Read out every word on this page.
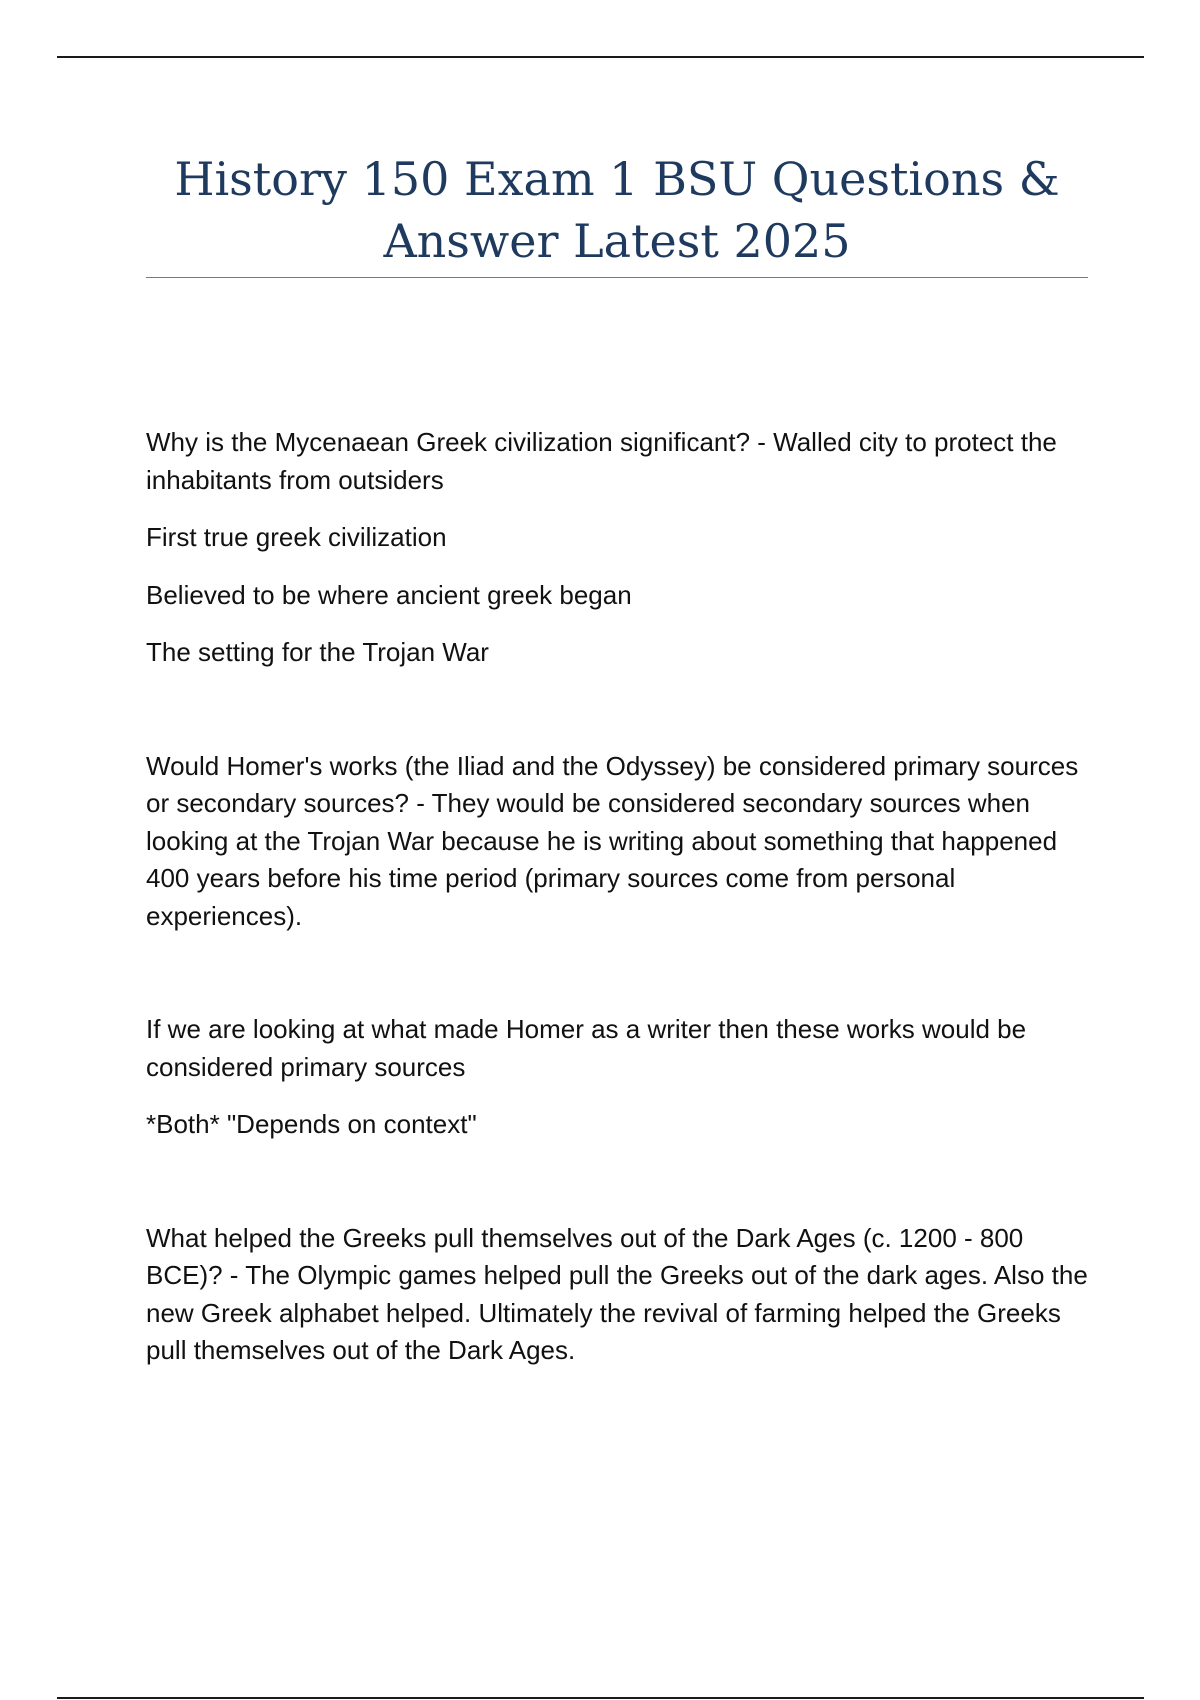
History 150 Exam 1 BSU Questions &
Answer Latest 2025

Why is the Mycenaean Greek civilization significant? - Walled city to protect the inhabitants from outsiders

First true greek civilization

Believed to be where ancient greek began

The setting for the Trojan War

Would Homer's works (the Iliad and the Odyssey) be considered primary sources or secondary sources? - They would be considered secondary sources when looking at the Trojan War because he is writing about something that happened 400 years before his time period (primary sources come from personal experiences).

If we are looking at what made Homer as a writer then these works would be considered primary sources

*Both* "Depends on context"

What helped the Greeks pull themselves out of the Dark Ages (c. 1200 - 800 BCE)? - The Olympic games helped pull the Greeks out of the dark ages. Also the new Greek alphabet helped. Ultimately the revival of farming helped the Greeks pull themselves out of the Dark Ages.
